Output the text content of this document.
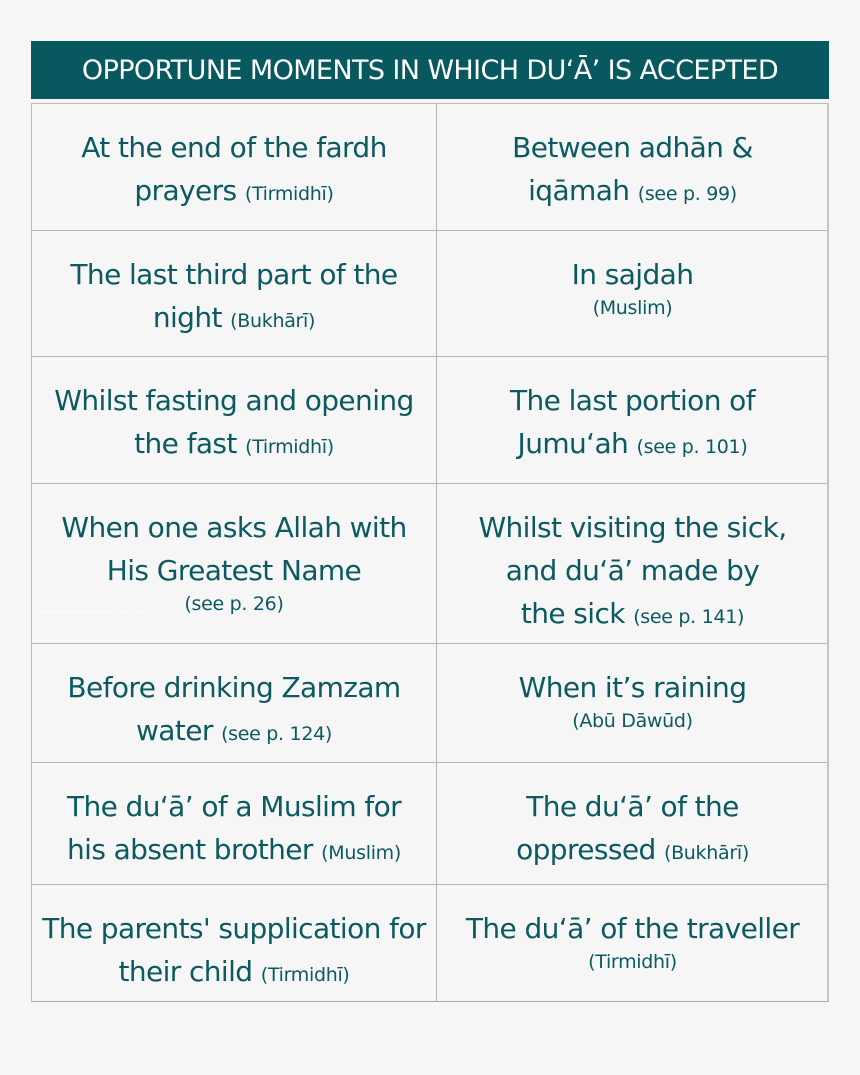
OPPORTUNE MOMENTS IN WHICH DU‘Ā’ IS ACCEPTED
At the end of the fardh
prayers (Tirmidhī)
Between adhān &
iqāmah (see p. 99)
The last third part of the
night (Bukhārī)
In sajdah
(Muslim)
Whilst fasting and opening
the fast (Tirmidhī)
The last portion of
Jumu‘ah (see p. 101)
When one asks Allah with
His Greatest Name
(see p. 26)
OPPORTUNE MOMENTS IN WHICH DU‘Ā’ IS ACCEPTED
Whilst visiting the sick,
and du‘ā’ made by
the sick (see p. 141)
Before drinking Zamzam
water (see p. 124)
When it’s raining
(Abū Dāwūd)
The du‘ā’ of a Muslim for
his absent brother (Muslim)
The du‘ā’ of the
oppressed (Bukhārī)
The parents' supplication for
their child (Tirmidhī)
The du‘ā’ of the traveller
(Tirmidhī)
